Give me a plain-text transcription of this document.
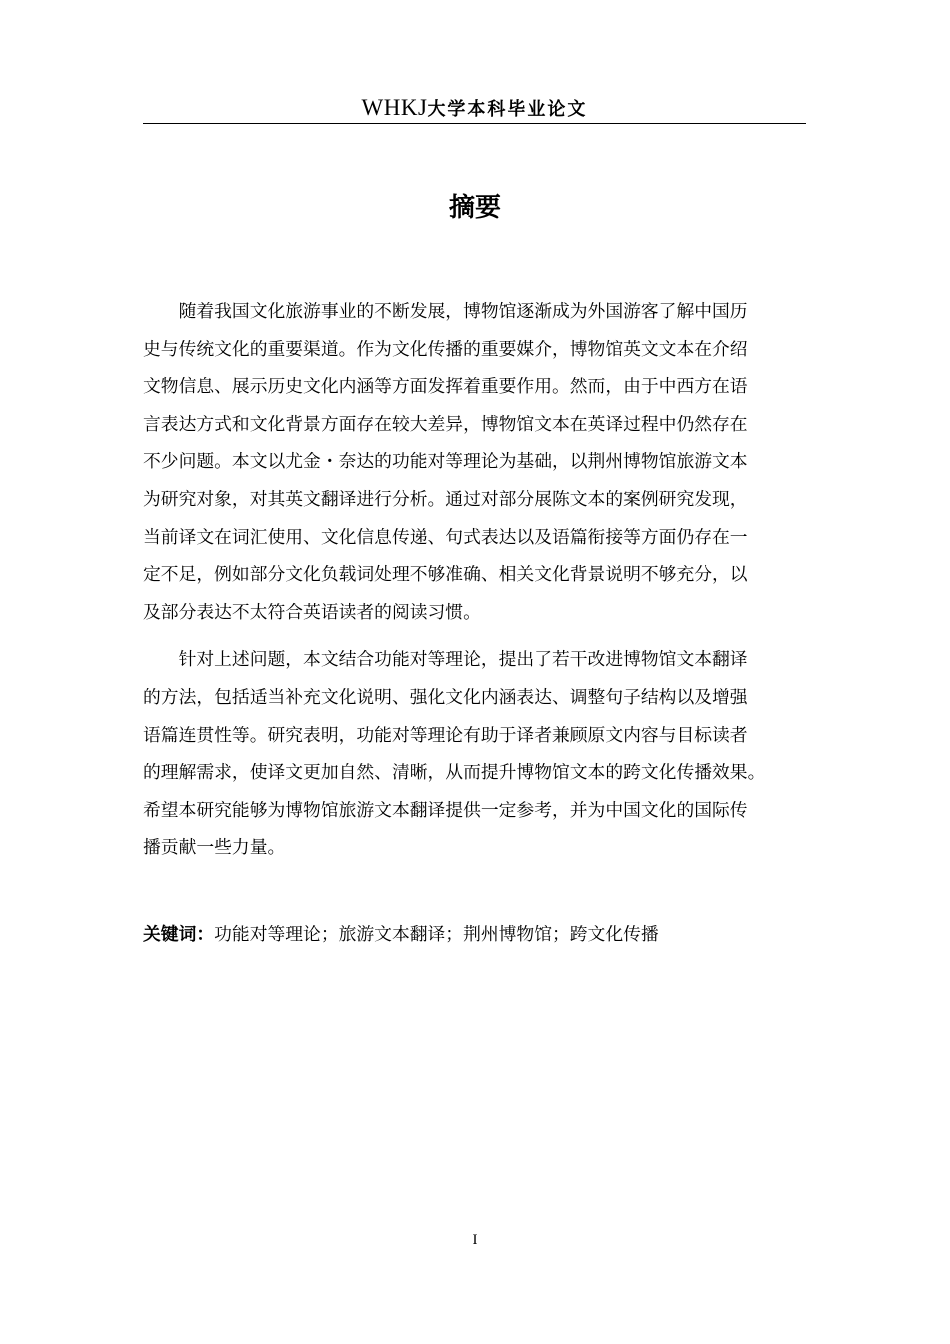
WHKJ大学本科毕业论文
摘要
　　随着我国文化旅游事业的不断发展，博物馆逐渐成为外国游客了解中国历
史与传统文化的重要渠道。作为文化传播的重要媒介，博物馆英文文本在介绍
文物信息、展示历史文化内涵等方面发挥着重要作用。然而，由于中西方在语
言表达方式和文化背景方面存在较大差异，博物馆文本在英译过程中仍然存在
不少问题。本文以尤金・奈达的功能对等理论为基础，以荆州博物馆旅游文本
为研究对象，对其英文翻译进行分析。通过对部分展陈文本的案例研究发现，
当前译文在词汇使用、文化信息传递、句式表达以及语篇衔接等方面仍存在一
定不足，例如部分文化负载词处理不够准确、相关文化背景说明不够充分，以
及部分表达不太符合英语读者的阅读习惯。
　　针对上述问题，本文结合功能对等理论，提出了若干改进博物馆文本翻译
的方法，包括适当补充文化说明、强化文化内涵表达、调整句子结构以及增强
语篇连贯性等。研究表明，功能对等理论有助于译者兼顾原文内容与目标读者
的理解需求，使译文更加自然、清晰，从而提升博物馆文本的跨文化传播效果。
希望本研究能够为博物馆旅游文本翻译提供一定参考，并为中国文化的国际传
播贡献一些力量。
关键词：功能对等理论；旅游文本翻译；荆州博物馆；跨文化传播
I
